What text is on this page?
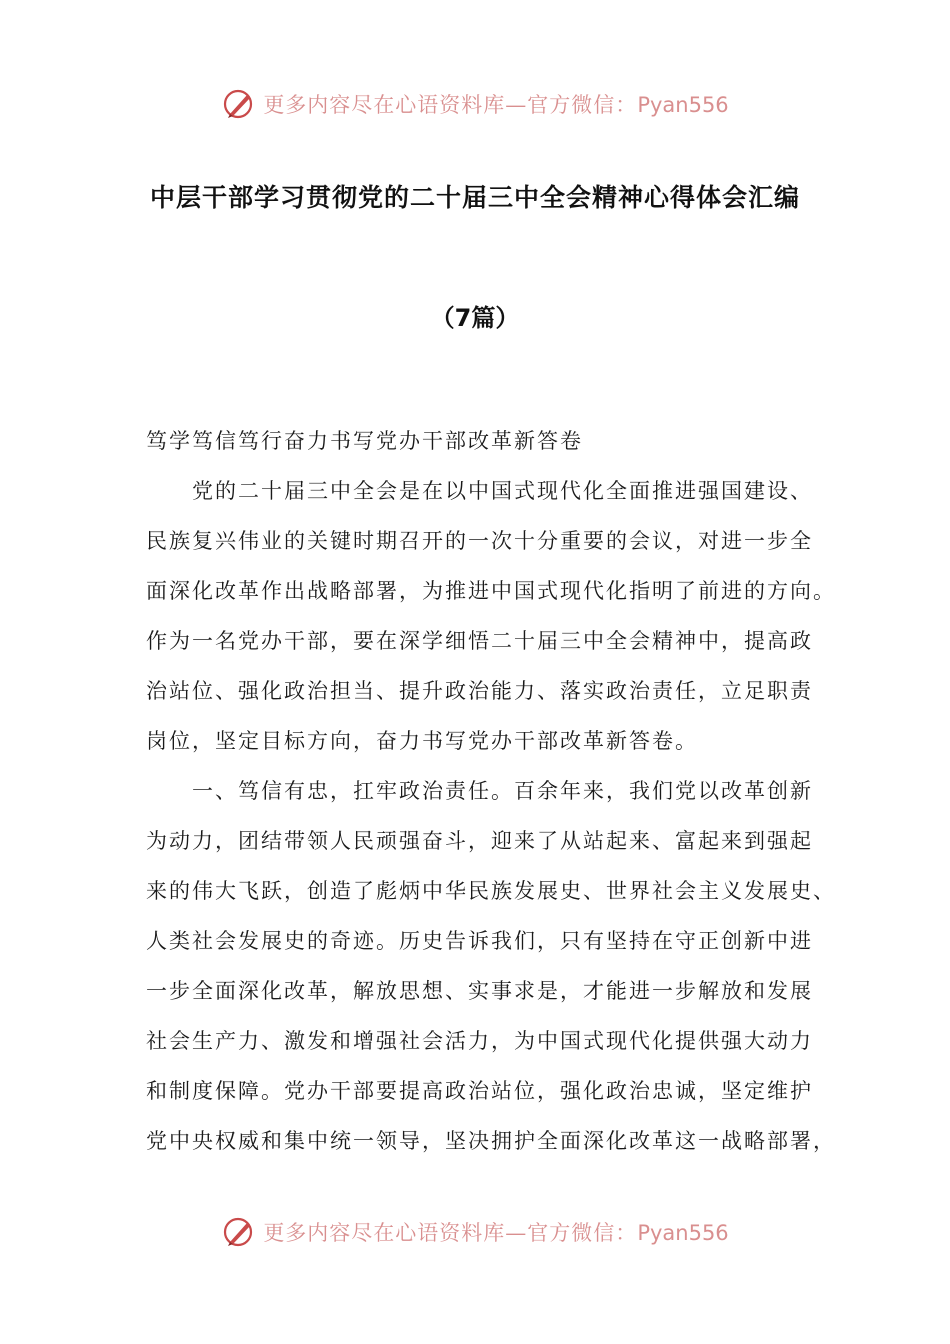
更多内容尽在心语资料库—官方微信：Pyan556
中层干部学习贯彻党的二十届三中全会精神心得体会汇编
（7篇）
笃学笃信笃行奋力书写党办干部改革新答卷
　　党的二十届三中全会是在以中国式现代化全面推进强国建设、
民族复兴伟业的关键时期召开的一次十分重要的会议，对进一步全
面深化改革作出战略部署，为推进中国式现代化指明了前进的方向。
作为一名党办干部，要在深学细悟二十届三中全会精神中，提高政
治站位、强化政治担当、提升政治能力、落实政治责任，立足职责
岗位，坚定目标方向，奋力书写党办干部改革新答卷。
　　一、笃信有忠，扛牢政治责任。百余年来，我们党以改革创新
为动力，团结带领人民顽强奋斗，迎来了从站起来、富起来到强起
来的伟大飞跃，创造了彪炳中华民族发展史、世界社会主义发展史、
人类社会发展史的奇迹。历史告诉我们，只有坚持在守正创新中进
一步全面深化改革，解放思想、实事求是，才能进一步解放和发展
社会生产力、激发和增强社会活力，为中国式现代化提供强大动力
和制度保障。党办干部要提高政治站位，强化政治忠诚，坚定维护
党中央权威和集中统一领导，坚决拥护全面深化改革这一战略部署，
更多内容尽在心语资料库—官方微信：Pyan556
